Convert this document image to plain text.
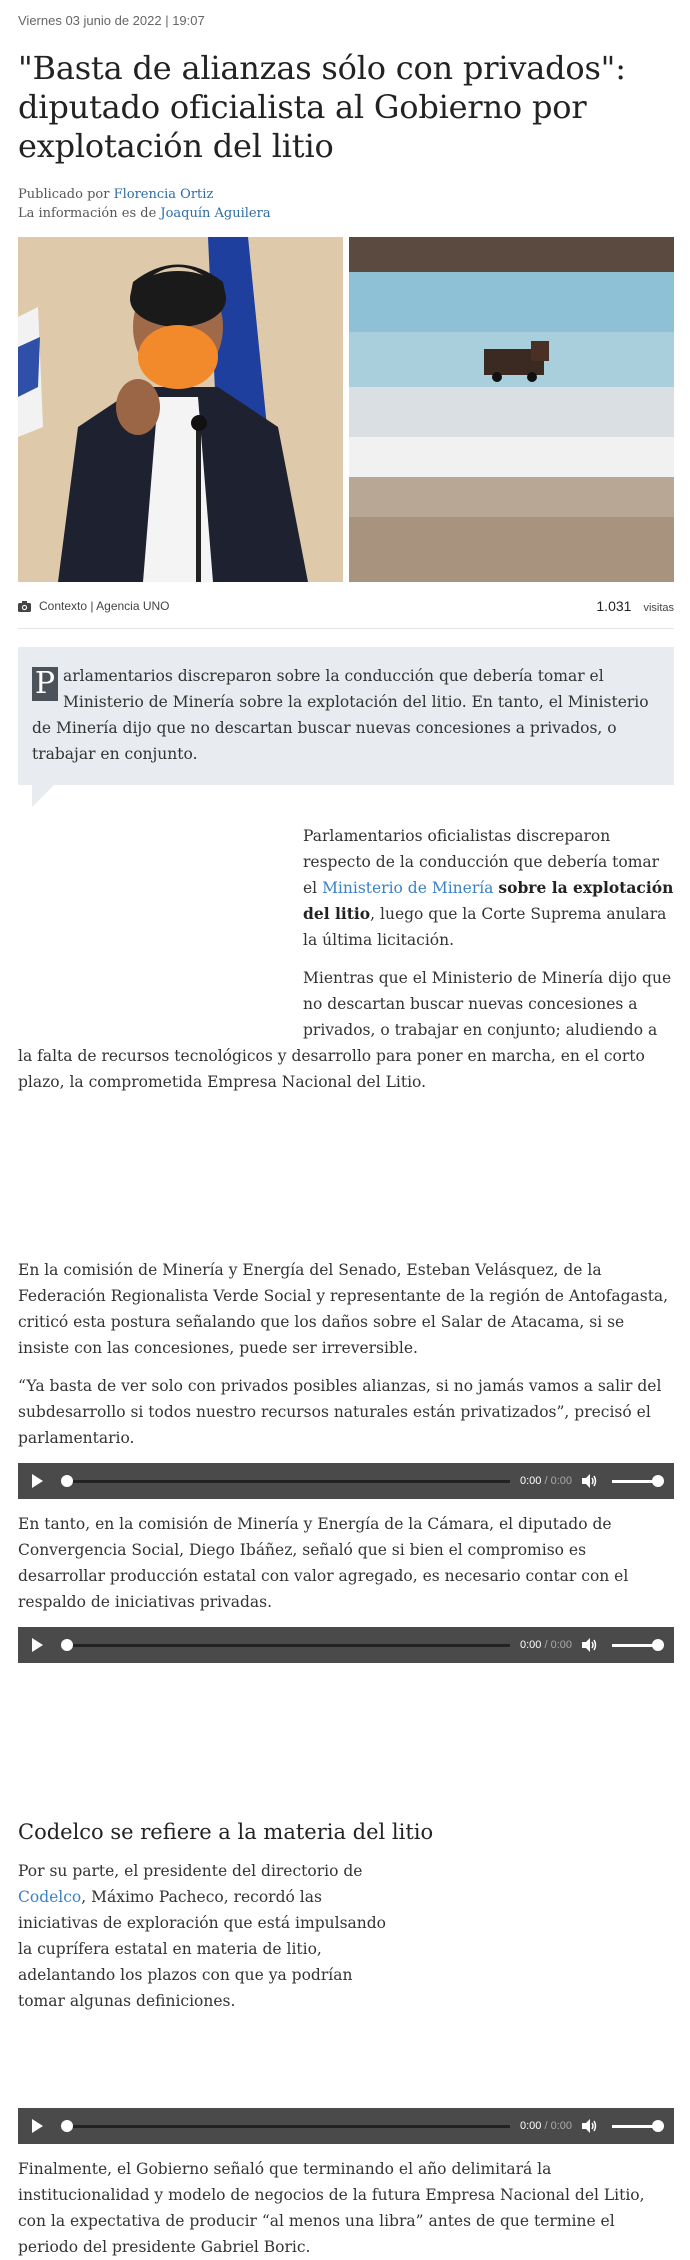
Viernes 03 junio de 2022 | 19:07
"Basta de alianzas sólo con privados": diputado oficialista al Gobierno por explotación del litio
Publicado por Florencia Ortiz
La información es de Joaquín Aguilera
Contexto | Agencia UNO	1.031 visitas
P arlamentarios discreparon sobre la conducción que debería tomar el Ministerio de Minería sobre la explotación del litio. En tanto, el Ministerio de Minería dijo que no descartan buscar nuevas concesiones a privados, o trabajar en conjunto.

Parlamentarios oficialistas discreparon respecto de la conducción que debería tomar el Ministerio de Minería sobre la explotación del litio, luego que la Corte Suprema anulara la última licitación.

Mientras que el Ministerio de Minería dijo que no descartan buscar nuevas concesiones a privados, o trabajar en conjunto; aludiendo a la falta de recursos tecnológicos y desarrollo para poner en marcha, en el corto plazo, la comprometida Empresa Nacional del Litio.

En la comisión de Minería y Energía del Senado, Esteban Velásquez, de la Federación Regionalista Verde Social y representante de la región de Antofagasta, criticó esta postura señalando que los daños sobre el Salar de Atacama, si se insiste con las concesiones, puede ser irreversible.

“Ya basta de ver solo con privados posibles alianzas, si no jamás vamos a salir del subdesarrollo si todos nuestro recursos naturales están privatizados”, precisó el parlamentario.

0:00 / 0:00

En tanto, en la comisión de Minería y Energía de la Cámara, el diputado de Convergencia Social, Diego Ibáñez, señaló que si bien el compromiso es desarrollar producción estatal con valor agregado, es necesario contar con el respaldo de iniciativas privadas.

0:00 / 0:00
Codelco se refiere a la materia del litio

Por su parte, el presidente del directorio de Codelco, Máximo Pacheco, recordó las iniciativas de exploración que está impulsando la cuprífera estatal en materia de litio, adelantando los plazos con que ya podrían tomar algunas definiciones.

0:00 / 0:00

Finalmente, el Gobierno señaló que terminando el año delimitará la institucionalidad y modelo de negocios de la futura Empresa Nacional del Litio, con la expectativa de producir “al menos una libra” antes de que termine el periodo del presidente Gabriel Boric.
